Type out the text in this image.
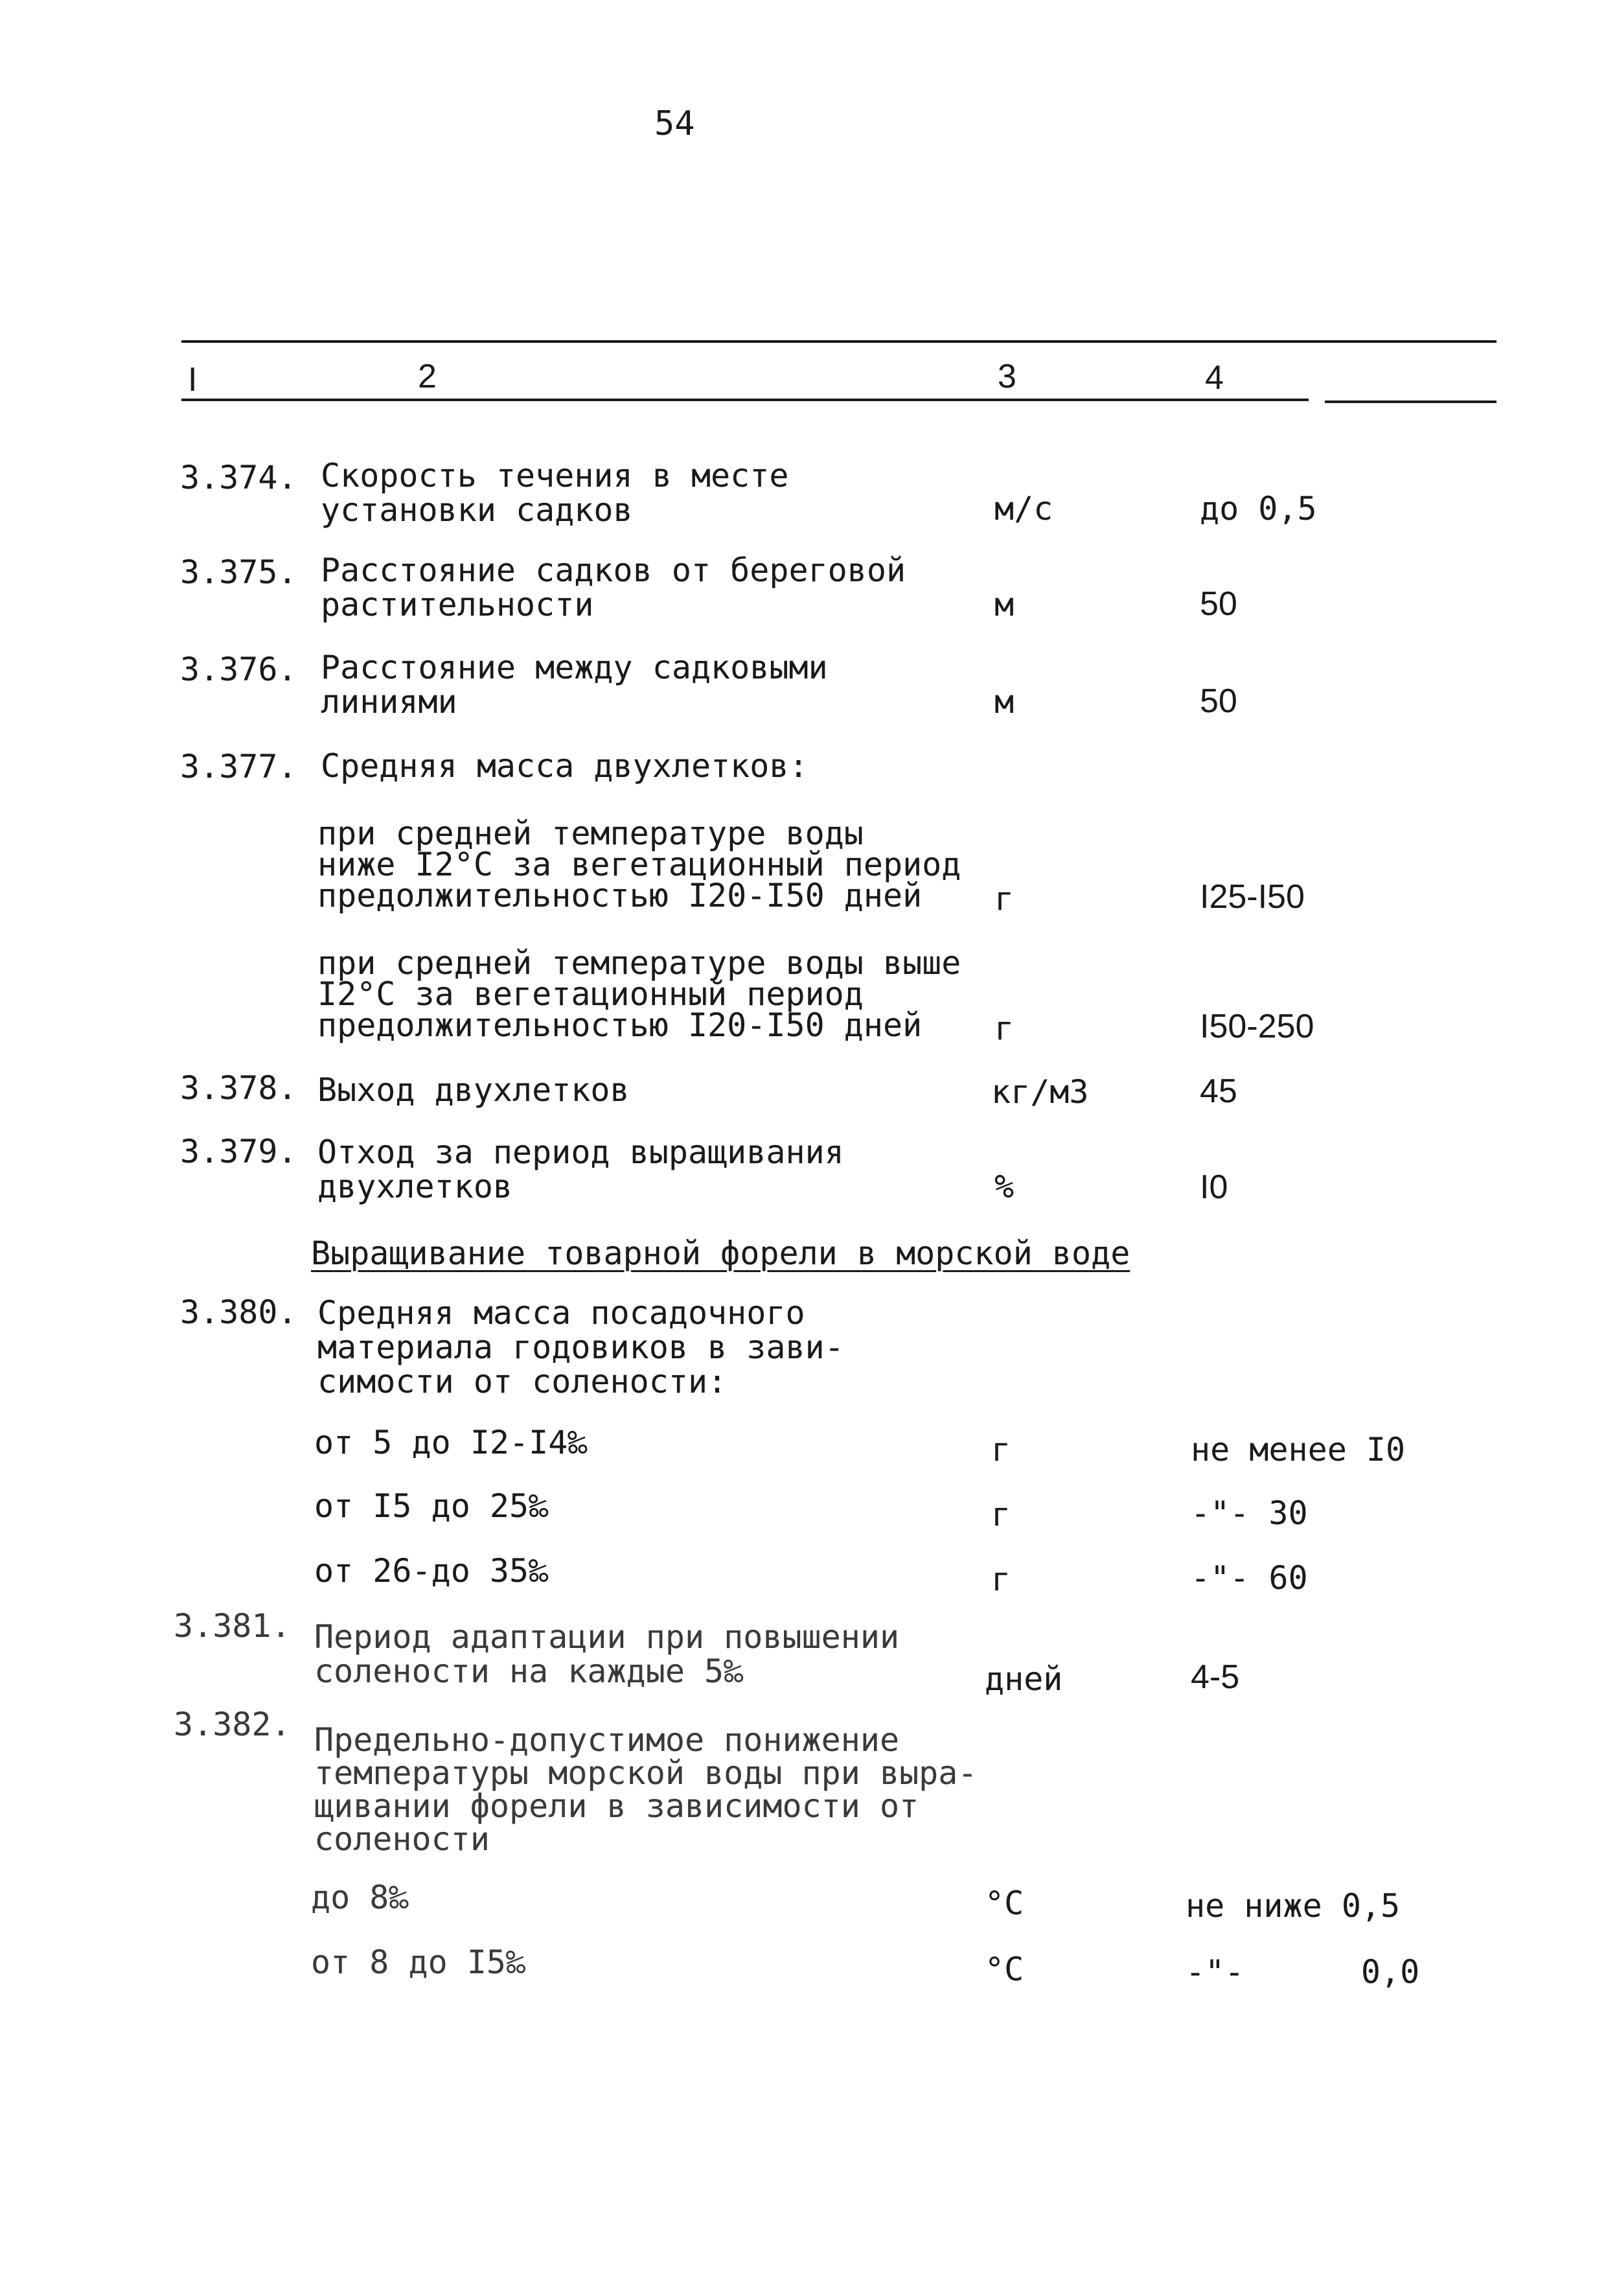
54
I	2	3	4
3.374. Скорость течения в месте
установки садков	м/с	до 0,5
3.375. Расстояние садков от береговой
растительности	м	50
3.376. Расстояние между садковыми
линиями	м	50
3.377. Средняя масса двухлетков:
при средней температуре воды
ниже I2°C за вегетационный период
предолжительностью I20-I50 дней	г	I25-I50
при средней температуре воды выше
I2°C за вегетационный период
предолжительностью I20-I50 дней	г	I50-250
3.378. Выход двухлетков	кг/м3	45
3.379. Отход за период выращивания
двухлетков	%	I0
Выращивание товарной форели в морской воде
3.380. Средняя масса посадочного
материала годовиков в зави-
симости от солености:
от 5 до I2-I4‰	г	не менее I0
от I5 до 25‰	г	-"- 30
от 26-до 35‰	г	-"- 60
3.381. Период адаптации при повышении
солености на каждые 5‰	дней	4-5
3.382. Предельно-допустимое понижение
температуры морской воды при выра-
щивании форели в зависимости от
солености
до 8‰	°C	не ниже 0,5
от 8 до I5‰	°C	-"-      0,0
